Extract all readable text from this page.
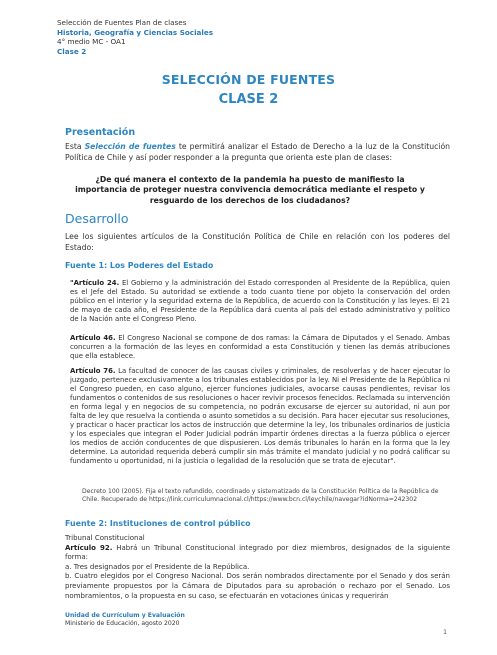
Selección de Fuentes Plan de clases
Historia, Geografía y Ciencias Sociales
4° medio MC - OA1
Clase 2
SELECCIÓN DE FUENTES
CLASE 2
Presentación
Esta Selección de fuentes te permitirá analizar el Estado de Derecho a la luz de la Constitución Política de Chile y así poder responder a la pregunta que orienta este plan de clases:
¿De qué manera el contexto de la pandemia ha puesto de manifiesto la importancia de proteger nuestra convivencia democrática mediante el respeto y resguardo de los derechos de los ciudadanos?
Desarrollo
Lee los siguientes artículos de la Constitución Política de Chile en relación con los poderes del Estado:
Fuente 1: Los Poderes del Estado
"Artículo 24. El Gobierno y la administración del Estado corresponden al Presidente de la República, quien es el Jefe del Estado. Su autoridad se extiende a todo cuanto tiene por objeto la conservación del orden público en el interior y la seguridad externa de la República, de acuerdo con la Constitución y las leyes. El 21 de mayo de cada año, el Presidente de la República dará cuenta al país del estado administrativo y político de la Nación ante el Congreso Pleno.
Artículo 46. El Congreso Nacional se compone de dos ramas: la Cámara de Diputados y el Senado. Ambas concurren a la formación de las leyes en conformidad a esta Constitución y tienen las demás atribuciones que ella establece.
Artículo 76. La facultad de conocer de las causas civiles y criminales, de resolverlas y de hacer ejecutar lo juzgado, pertenece exclusivamente a los tribunales establecidos por la ley. Ni el Presidente de la República ni el Congreso pueden, en caso alguno, ejercer funciones judiciales, avocarse causas pendientes, revisar los fundamentos o contenidos de sus resoluciones o hacer revivir procesos fenecidos. Reclamada su intervención en forma legal y en negocios de su competencia, no podrán excusarse de ejercer su autoridad, ni aun por falta de ley que resuelva la contienda o asunto sometidos a su decisión. Para hacer ejecutar sus resoluciones, y practicar o hacer practicar los actos de instrucción que determine la ley, los tribunales ordinarios de justicia y los especiales que integran el Poder Judicial podrán impartir órdenes directas a la fuerza pública o ejercer los medios de acción conducentes de que dispusieren. Los demás tribunales lo harán en la forma que la ley determine. La autoridad requerida deberá cumplir sin más trámite el mandato judicial y no podrá calificar su fundamento u oportunidad, ni la justicia o legalidad de la resolución que se trata de ejecutar".
Decreto 100 (2005). Fija el texto refundido, coordinado y sistematizado de la Constitución Política de la República de Chile. Recuperado de https://link.curriculumnacional.cl/https://www.bcn.cl/leychile/navegar?idNorma=242302
Fuente 2: Instituciones de control público
Tribunal Constitucional
Artículo 92. Habrá un Tribunal Constitucional integrado por diez miembros, designados de la siguiente forma:
a. Tres designados por el Presidente de la República.
b. Cuatro elegidos por el Congreso Nacional. Dos serán nombrados directamente por el Senado y dos serán previamente propuestos por la Cámara de Diputados para su aprobación o rechazo por el Senado. Los nombramientos, o la propuesta en su caso, se efectuarán en votaciones únicas y requerirán
Unidad de Currículum y Evaluación
Ministerio de Educación, agosto 2020
1
